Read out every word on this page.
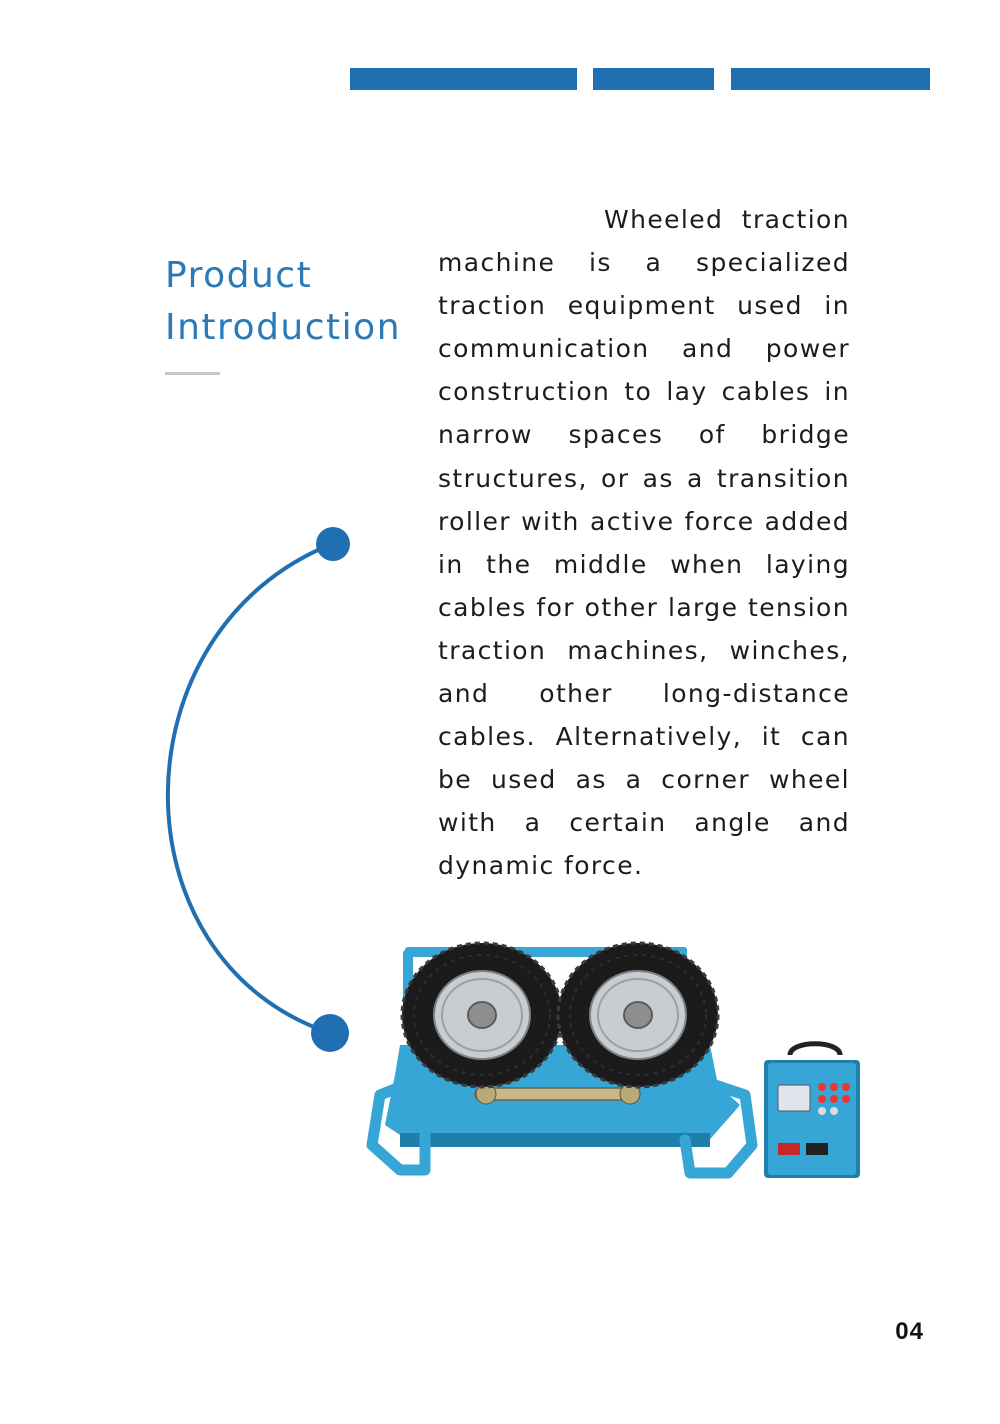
Product
Introduction

Wheeled traction machine is a specialized traction equipment used in communication and power construction to lay cables in narrow spaces of bridge structures, or as a transition roller with active force added in the middle when laying cables for other large tension traction machines, winches, and other long-distance cables. Alternatively, it can be used as a corner wheel with a certain angle and dynamic force.

04
